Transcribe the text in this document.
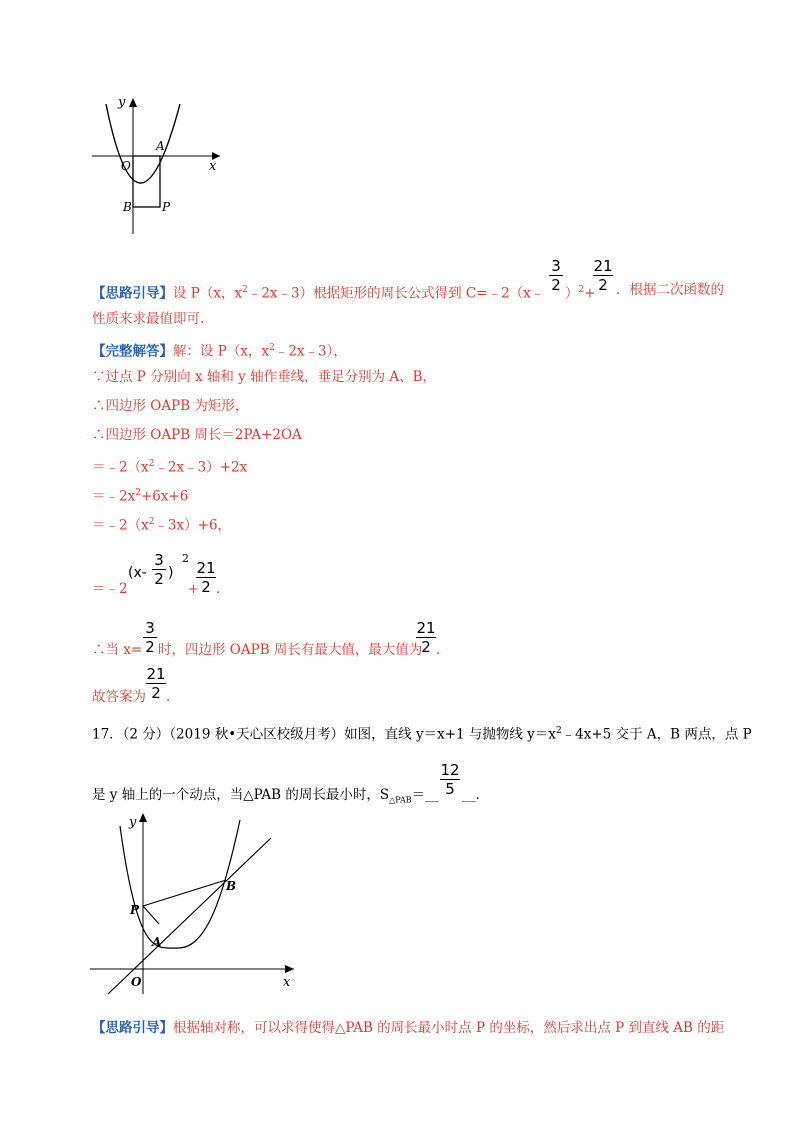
y
x
O
A
B	P
【思路引导】设 P（x，$x^2﹣2x﹣3$）根据矩形的周长公式得到 C=﹣2（x﹣
3
2 ）$^2$+
21
2 ．根据二次函数的
性质来求最值即可.
【完整解答】解：设 P（x，$x^2﹣2x﹣3$），
∵过点 P 分别向 x 轴和 y 轴作垂线，垂足分别为 A、B，
∴四边形 OAPB 为矩形，
∴四边形 OAPB 周长＝2PA+2OA
$=﹣2(x^2﹣2x﹣3)+2x$
$=﹣2x^2+6x+6$
$=﹣2(x^2﹣3x)+6$，
＝﹣2
(x-
3
2 )
2
+
21
2 ．
∴当 x=
3
2 时，四边形 OAPB 周长有最大值，最大值为
21
2 ．
故答案为
21
2 ．
17．（2 分）（2019 秋•天心区校级月考）如图，直线 y＝x+1 与抛物线 $y=x^2﹣4x+5$ 交于 A，B 两点，点 P
是 y 轴上的一个动点，当△PAB 的周长最小时，$S_{\triangle PAB}=\_\_$
12
5 __．
y
x
O
A
B
P
【思路引导】根据轴对称，可以求得使得△PAB 的周长最小时点 P 的坐标，然后求出点 P 到直线 AB 的距
